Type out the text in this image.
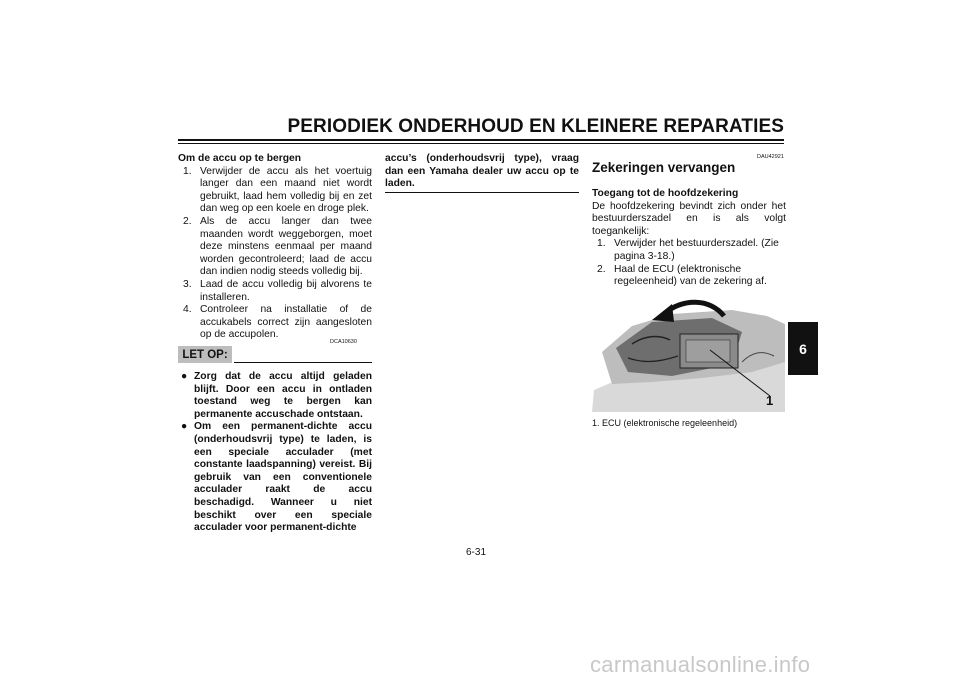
PERIODIEK ONDERHOUD EN KLEINERE REPARATIES
6
Om de accu op te bergen
1. Verwijder de accu als het voertuig langer dan een maand niet wordt gebruikt, laad hem volledig bij en zet dan weg op een koele en droge plek.
2. Als de accu langer dan twee maanden wordt weggeborgen, moet deze minstens eenmaal per maand worden gecontroleerd; laad de accu dan indien nodig steeds volledig bij.
3. Laad de accu volledig bij alvorens te installeren.
4. Controleer na installatie of de accukabels correct zijn aangesloten op de accupolen.
DCA10630
LET OP:
● Zorg dat de accu altijd geladen blijft. Door een accu in ontladen toestand weg te bergen kan permanente accuschade ontstaan.
● Om een permanent-dichte accu (onderhoudsvrij type) te laden, is een speciale acculader (met constante laadspanning) vereist. Bij gebruik van een conventionele acculader raakt de accu beschadigd. Wanneer u niet beschikt over een speciale acculader voor permanent-dichte
accu’s (onderhoudsvrij type), vraag dan een Yamaha dealer uw accu op te laden.
DAU42921
Zekeringen vervangen
Toegang tot de hoofdzekering
De hoofdzekering bevindt zich onder het bestuurderszadel en is als volgt toegankelijk:
1. Verwijder het bestuurderszadel. (Zie pagina 3-18.)
2. Haal de ECU (elektronische regeleenheid) van de zekering af.
1
1. ECU (elektronische regeleenheid)
6-31
carmanualsonline.info
